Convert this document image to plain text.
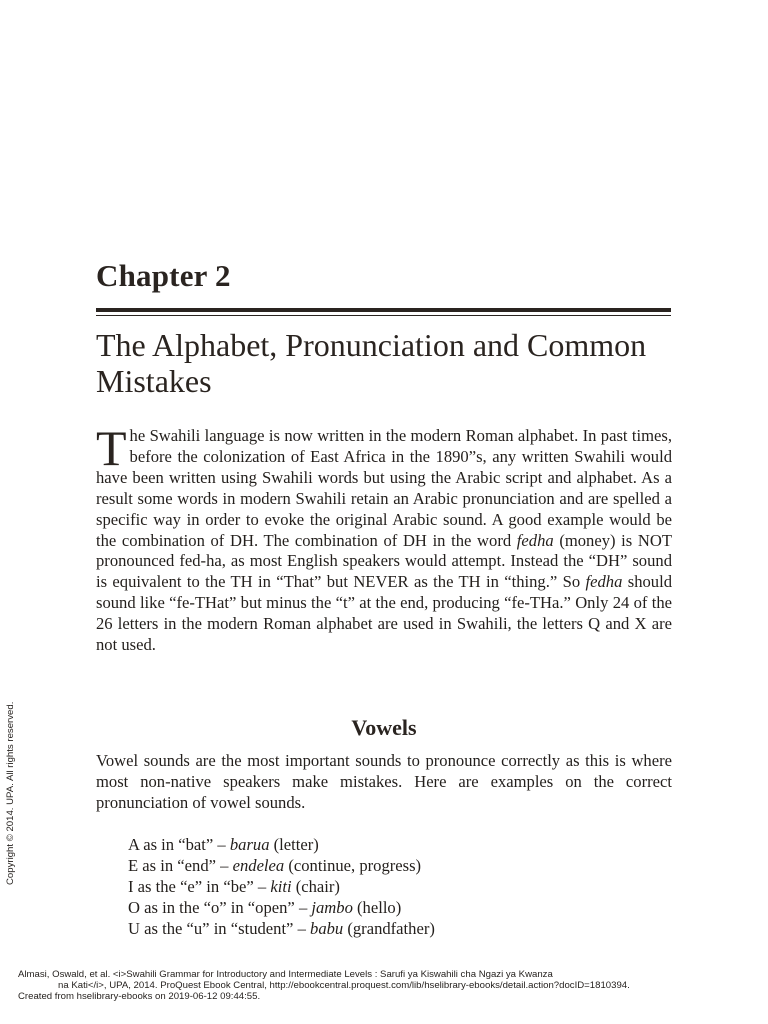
Chapter 2
The Alphabet, Pronunciation and Common Mistakes

The Swahili language is now written in the modern Roman alphabet. In past times, before the colonization of East Africa in the 1890”s, any written Swahili would have been written using Swahili words but using the Arabic script and alphabet. As a result some words in modern Swahili retain an Arabic pronunciation and are spelled a specific way in order to evoke the original Arabic sound. A good example would be the combination of DH. The combination of DH in the word fedha (money) is NOT pronounced fed-ha, as most English speakers would attempt. Instead the “DH” sound is equivalent to the TH in “That” but NEVER as the TH in “thing.” So fedha should sound like “fe-THat” but minus the “t” at the end, producing “fe-THa.” Only 24 of the 26 letters in the modern Roman alphabet are used in Swahili, the letters Q and X are not used.

Vowels

Vowel sounds are the most important sounds to pronounce correctly as this is where most non-native speakers make mistakes. Here are examples on the correct pronunciation of vowel sounds.

A as in “bat” – barua (letter)
E as in “end” – endelea (continue, progress)
I as the “e” in “be” – kiti (chair)
O as in the “o” in “open” – jambo (hello)
U as the “u” in “student” – babu (grandfather)
Copyright © 2014. UPA. All rights reserved.
Almasi, Oswald, et al. <i>Swahili Grammar for Introductory and Intermediate Levels : Sarufi ya Kiswahili cha Ngazi ya Kwanza
na Kati</i>, UPA, 2014. ProQuest Ebook Central, http://ebookcentral.proquest.com/lib/hselibrary-ebooks/detail.action?docID=1810394.
Created from hselibrary-ebooks on 2019-06-12 09:44:55.
